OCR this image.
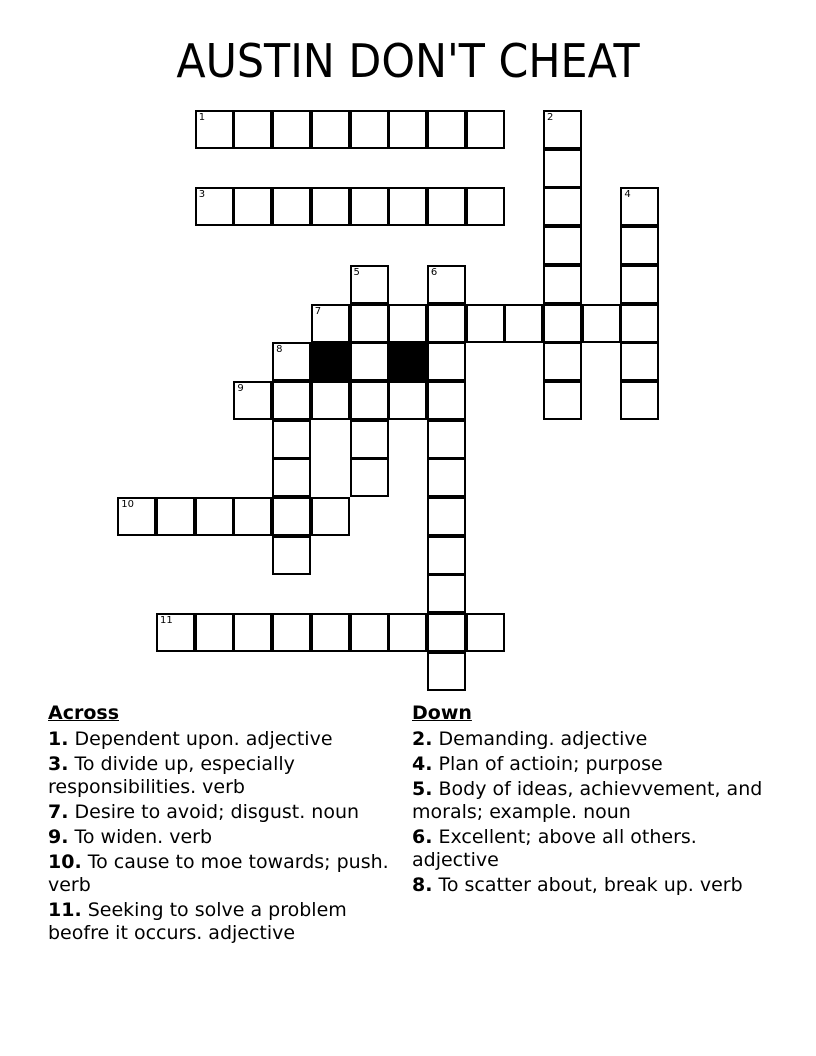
AUSTIN DON'T CHEAT
1	2
3	4
5	6
7
8
9
10
11
Across
1. Dependent upon. adjective
3. To divide up, especially responsibilities. verb
7. Desire to avoid; disgust. noun
9. To widen. verb
10. To cause to moe towards; push. verb
11. Seeking to solve a problem beofre it occurs. adjective
Down
2. Demanding. adjective
4. Plan of actioin; purpose
5. Body of ideas, achievvement, and morals; example. noun
6. Excellent; above all others. adjective
8. To scatter about, break up. verb
